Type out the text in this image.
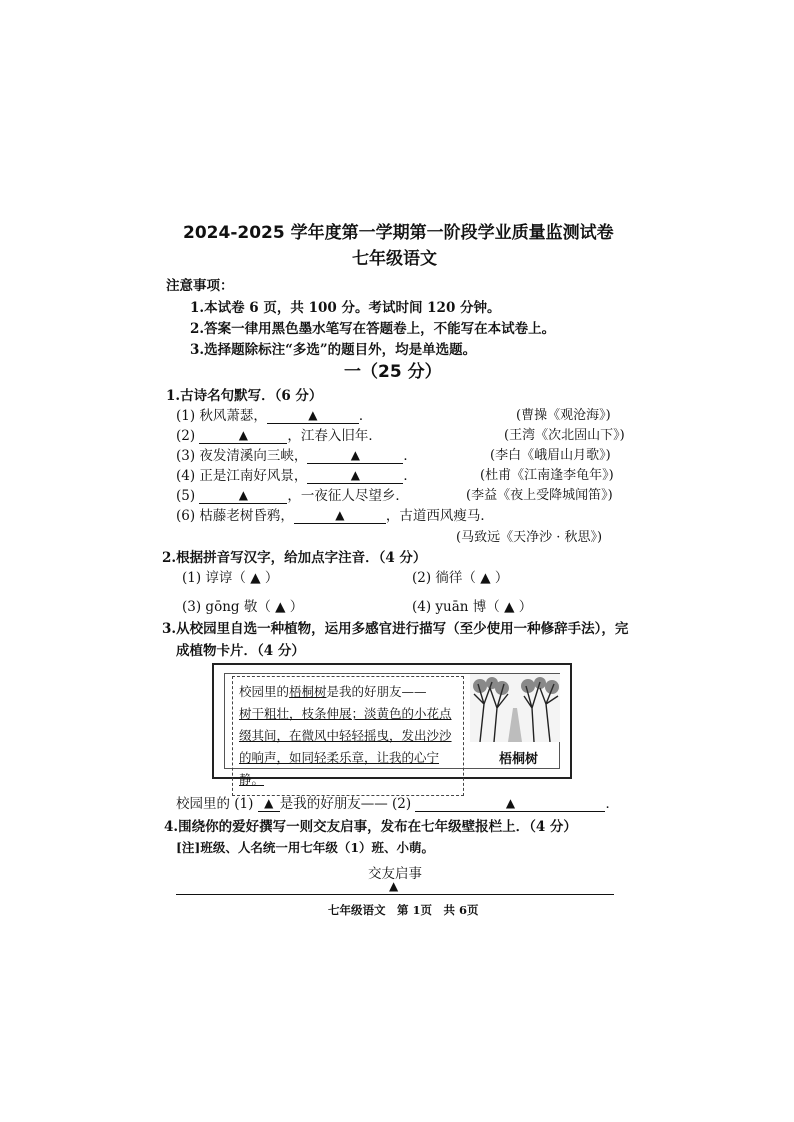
2024-2025 学年度第一学期第一阶段学业质量监测试卷
七年级语文
注意事项：
1.本试卷 6 页，共 100 分。考试时间 120 分钟。
2.答案一律用黑色墨水笔写在答题卷上，不能写在本试卷上。
3.选择题除标注“多选”的题目外，均是单选题。
一（25 分）
1.古诗名句默写．（6 分）
(1) 秋风萧瑟，	▲	．	(曹操《观沧海》)
(2)	▲	，江春入旧年．	(王湾《次北固山下》)
(3) 夜发清溪向三峡，	▲	．	(李白《峨眉山月歌》)
(4) 正是江南好风景，	▲	．	(杜甫《江南逢李龟年》)
(5)	▲	，一夜征人尽望乡．	(李益《夜上受降城闻笛》)
(6) 枯藤老树昏鸦，	▲	，古道西风瘦马．
(马致远《天净沙 · 秋思》)
2.根据拼音写汉字，给加点字注音．（4 分）
(1) 谆谆（ ▲ ）	(2) 徜徉（ ▲ ）
(3) gōng 敬（ ▲ ）	(4) yuān 博（ ▲ ）
3.从校园里自选一种植物，运用多感官进行描写（至少使用一种修辞手法），完
成植物卡片．（4 分）
校园里的梧桐树是我的好朋友——
树干粗壮，枝条伸展；淡黄色的小花点
缀其间，在微风中轻轻摇曳，发出沙沙
的响声，如同轻柔乐章，让我的心宁静。
梧桐树
校园里的 (1) ▲ 是我的好朋友—— (2)	▲	．
4.围绕你的爱好撰写一则交友启事，发布在七年级壁报栏上．（4 分）
[注]班级、人名统一用七年级（1）班、小萌。
交友启事
▲
七年级语文　第 1页　共 6页
